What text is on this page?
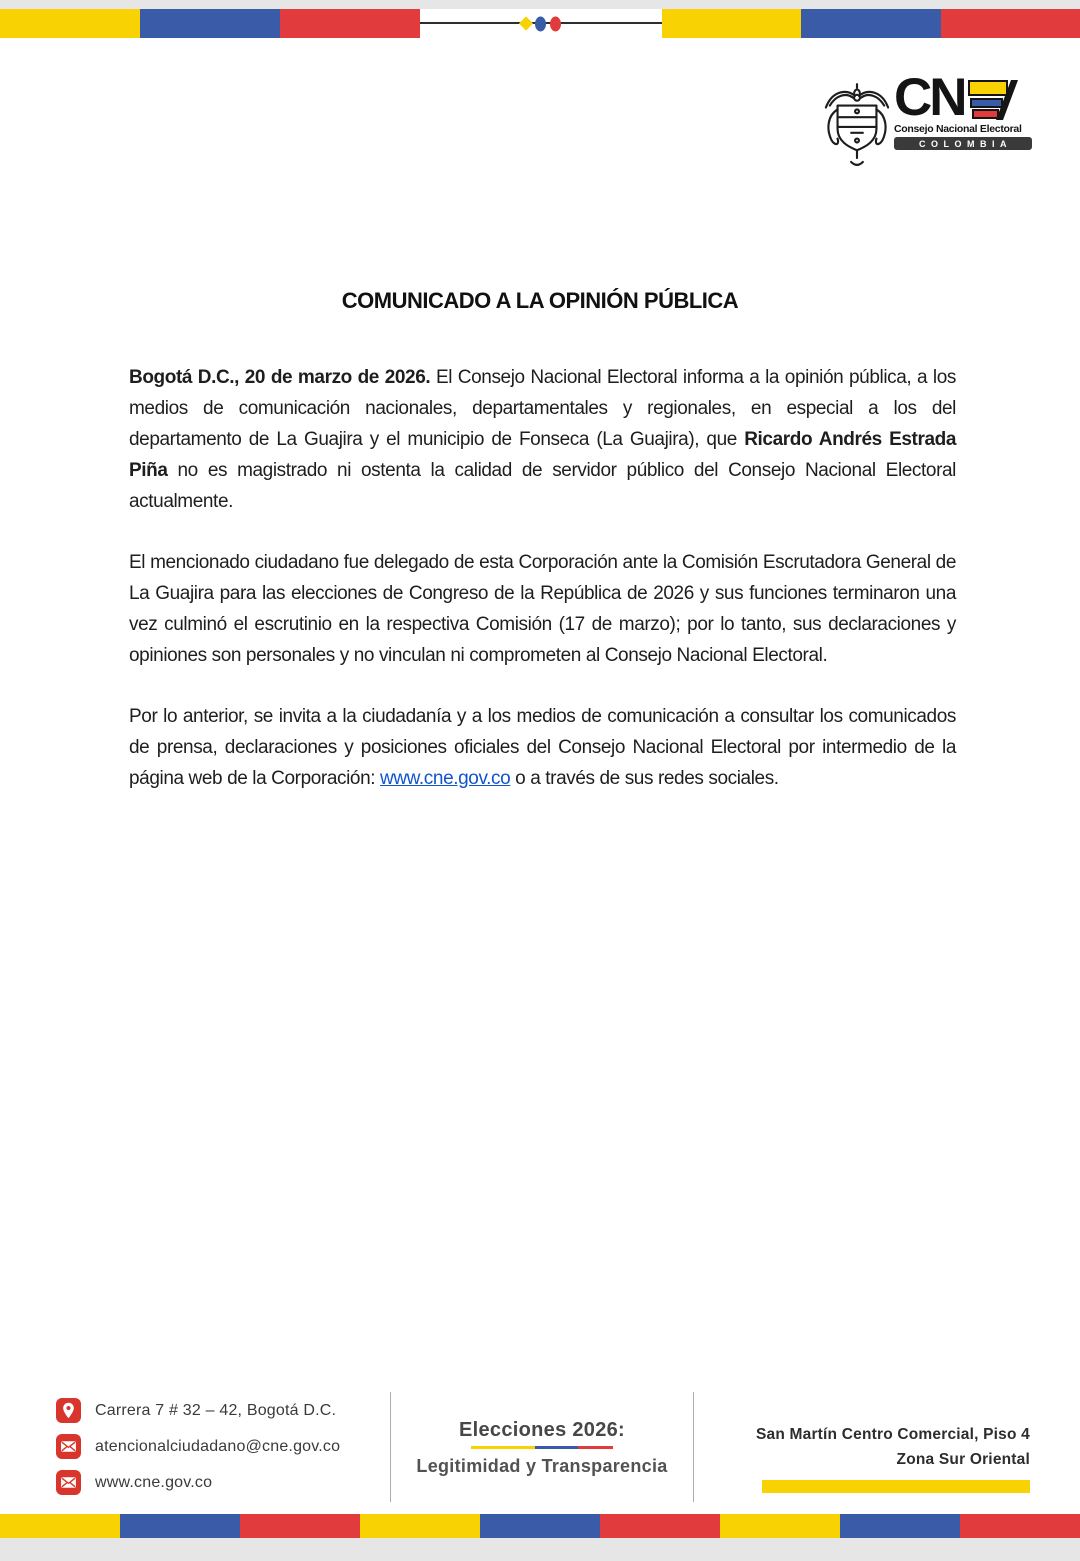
CN
Consejo Nacional Electoral
COLOMBIA
COMUNICADO A LA OPINIÓN PÚBLICA

Bogotá D.C., 20 de marzo de 2026. El Consejo Nacional Electoral informa a la opinión pública, a los medios de comunicación nacionales, departamentales y regionales, en especial a los del departamento de La Guajira y el municipio de Fonseca (La Guajira), que Ricardo Andrés Estrada Piña no es magistrado ni ostenta la calidad de servidor público del Consejo Nacional Electoral actualmente.

El mencionado ciudadano fue delegado de esta Corporación ante la Comisión Escrutadora General de La Guajira para las elecciones de Congreso de la República de 2026 y sus funciones terminaron una vez culminó el escrutinio en la respectiva Comisión (17 de marzo); por lo tanto, sus declaraciones y opiniones son personales y no vinculan ni comprometen al Consejo Nacional Electoral.

Por lo anterior, se invita a la ciudadanía y a los medios de comunicación a consultar los comunicados de prensa, declaraciones y posiciones oficiales del Consejo Nacional Electoral por intermedio de la página web de la Corporación: www.cne.gov.co o a través de sus redes sociales.

Carrera 7 # 32 – 42, Bogotá D.C.
atencionalciudadano@cne.gov.co
www.cne.gov.co
Elecciones 2026:
Legitimidad y Transparencia
San Martín Centro Comercial, Piso 4
Zona Sur Oriental
